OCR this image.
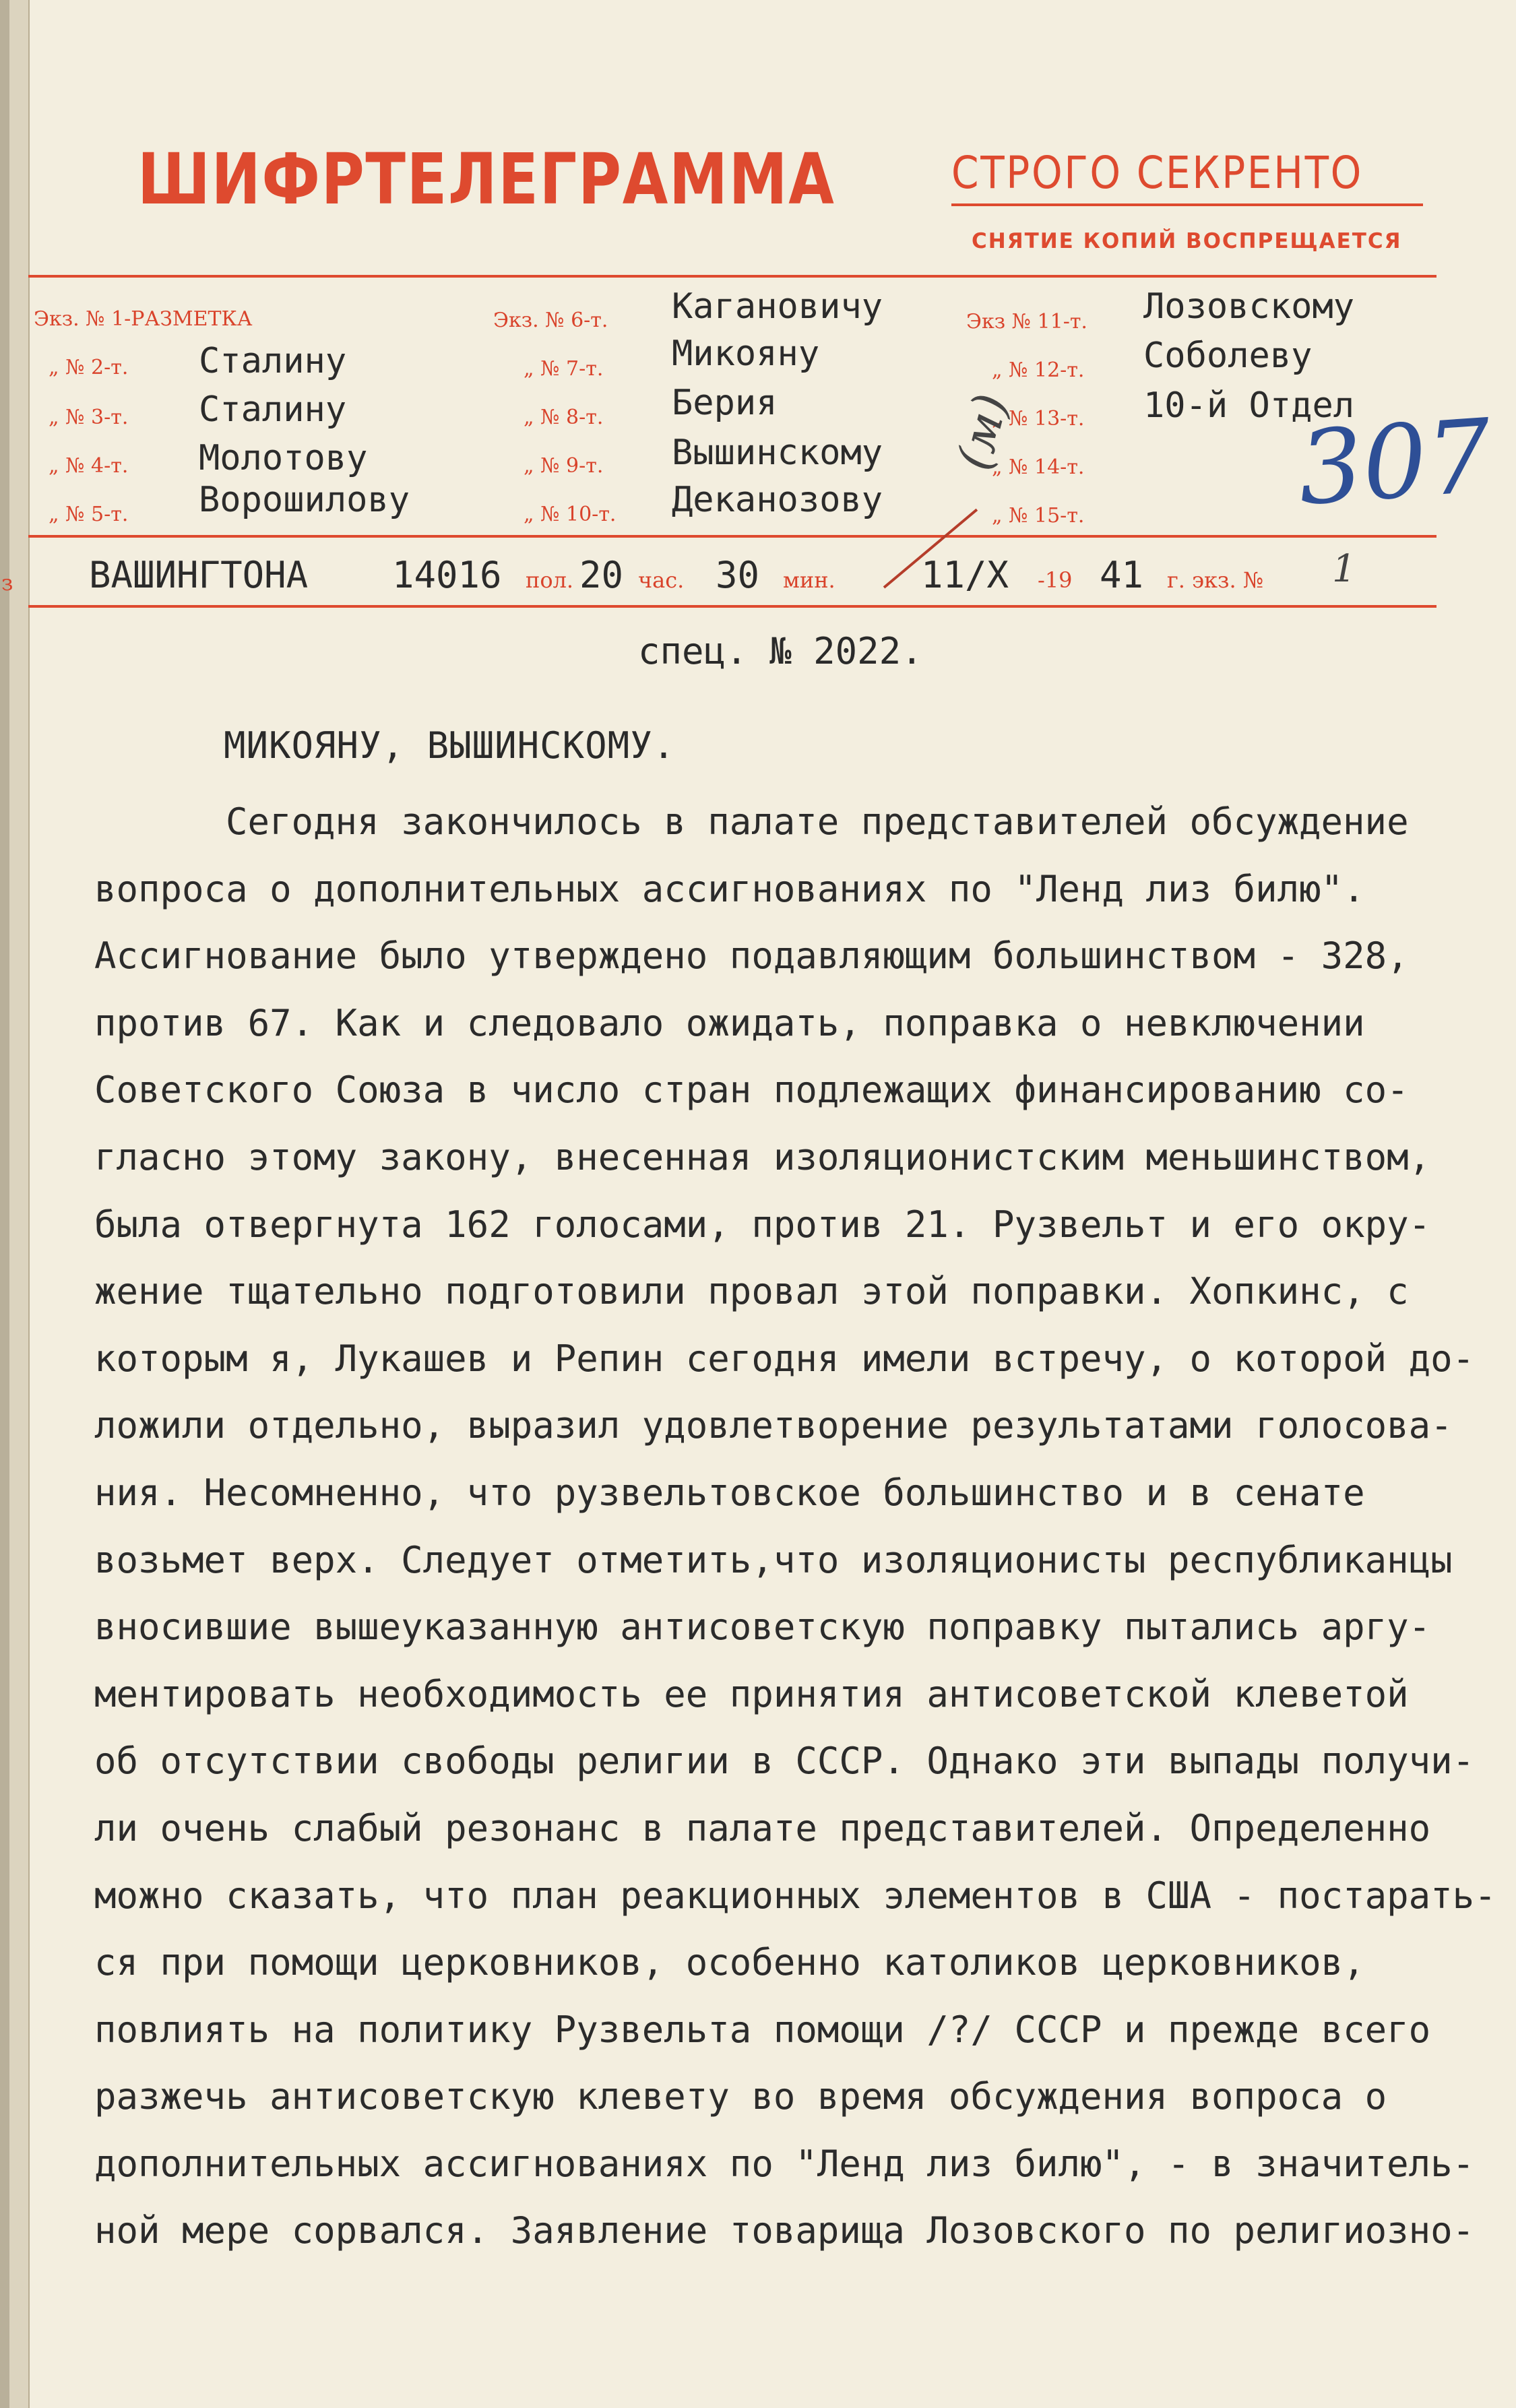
ШИФРТЕЛЕГРАММА	СТРОГО СЕКРЕНТО
СНЯТИЕ КОПИЙ ВОСПРЕЩАЕТСЯ
Экз. № 1-РАЗМЕТКА
„ № 2-т. Сталину
„ № 3-т. Сталину
„ № 4-т. Молотову
„ № 5-т. Ворошилову
Экз. № 6-т. Кагановичу
„ № 7-т. Микояну
„ № 8-т. Берия
„ № 9-т. Вышинскому
„ № 10-т. Деканозову
Экз № 11-т. Лозовскому
„ № 12-т. Соболеву
„ № 13-т. 10-й Отдел
„ № 14-т.
„ № 15-т. 307
(м)
з ВАШИНГТОНА 14016 пол. 20 час. 30 мин. 11/X -19 41 г. экз. № 1
спец. № 2022.
МИКОЯНУ, ВЫШИНСКОМУ.
Сегодня закончилось в палате представителей обсуждение
вопроса о дополнительных ассигнованиях по "Ленд лиз билю".
Ассигнование было утверждено подавляющим большинством - 328,
против 67. Как и следовало ожидать, поправка о невключении
Советского Союза в число стран подлежащих финансированию со-
гласно этому закону, внесенная изоляционистским меньшинством,
была отвергнута 162 голосами, против 21. Рузвельт и его окру-
жение тщательно подготовили провал этой поправки. Хопкинс, с
которым я, Лукашев и Репин сегодня имели встречу, о которой до-
ложили отдельно, выразил удовлетворение результатами голосова-
ния. Несомненно, что рузвельтовское большинство и в сенате
возьмет верх. Следует отметить,что изоляционисты республиканцы
вносившие вышеуказанную антисоветскую поправку пытались аргу-
ментировать необходимость ее принятия антисоветской клеветой
об отсутствии свободы религии в СССР. Однако эти выпады получи-
ли очень слабый резонанс в палате представителей. Определенно
можно сказать, что план реакционных элементов в США - постарать-
ся при помощи церковников, особенно католиков церковников,
повлиять на политику Рузвельта помощи /?/ СССР и прежде всего
разжечь антисоветскую клевету во время обсуждения вопроса о
дополнительных ассигнованиях по "Ленд лиз билю", - в значитель-
ной мере сорвался. Заявление товарища Лозовского по религиозно-
